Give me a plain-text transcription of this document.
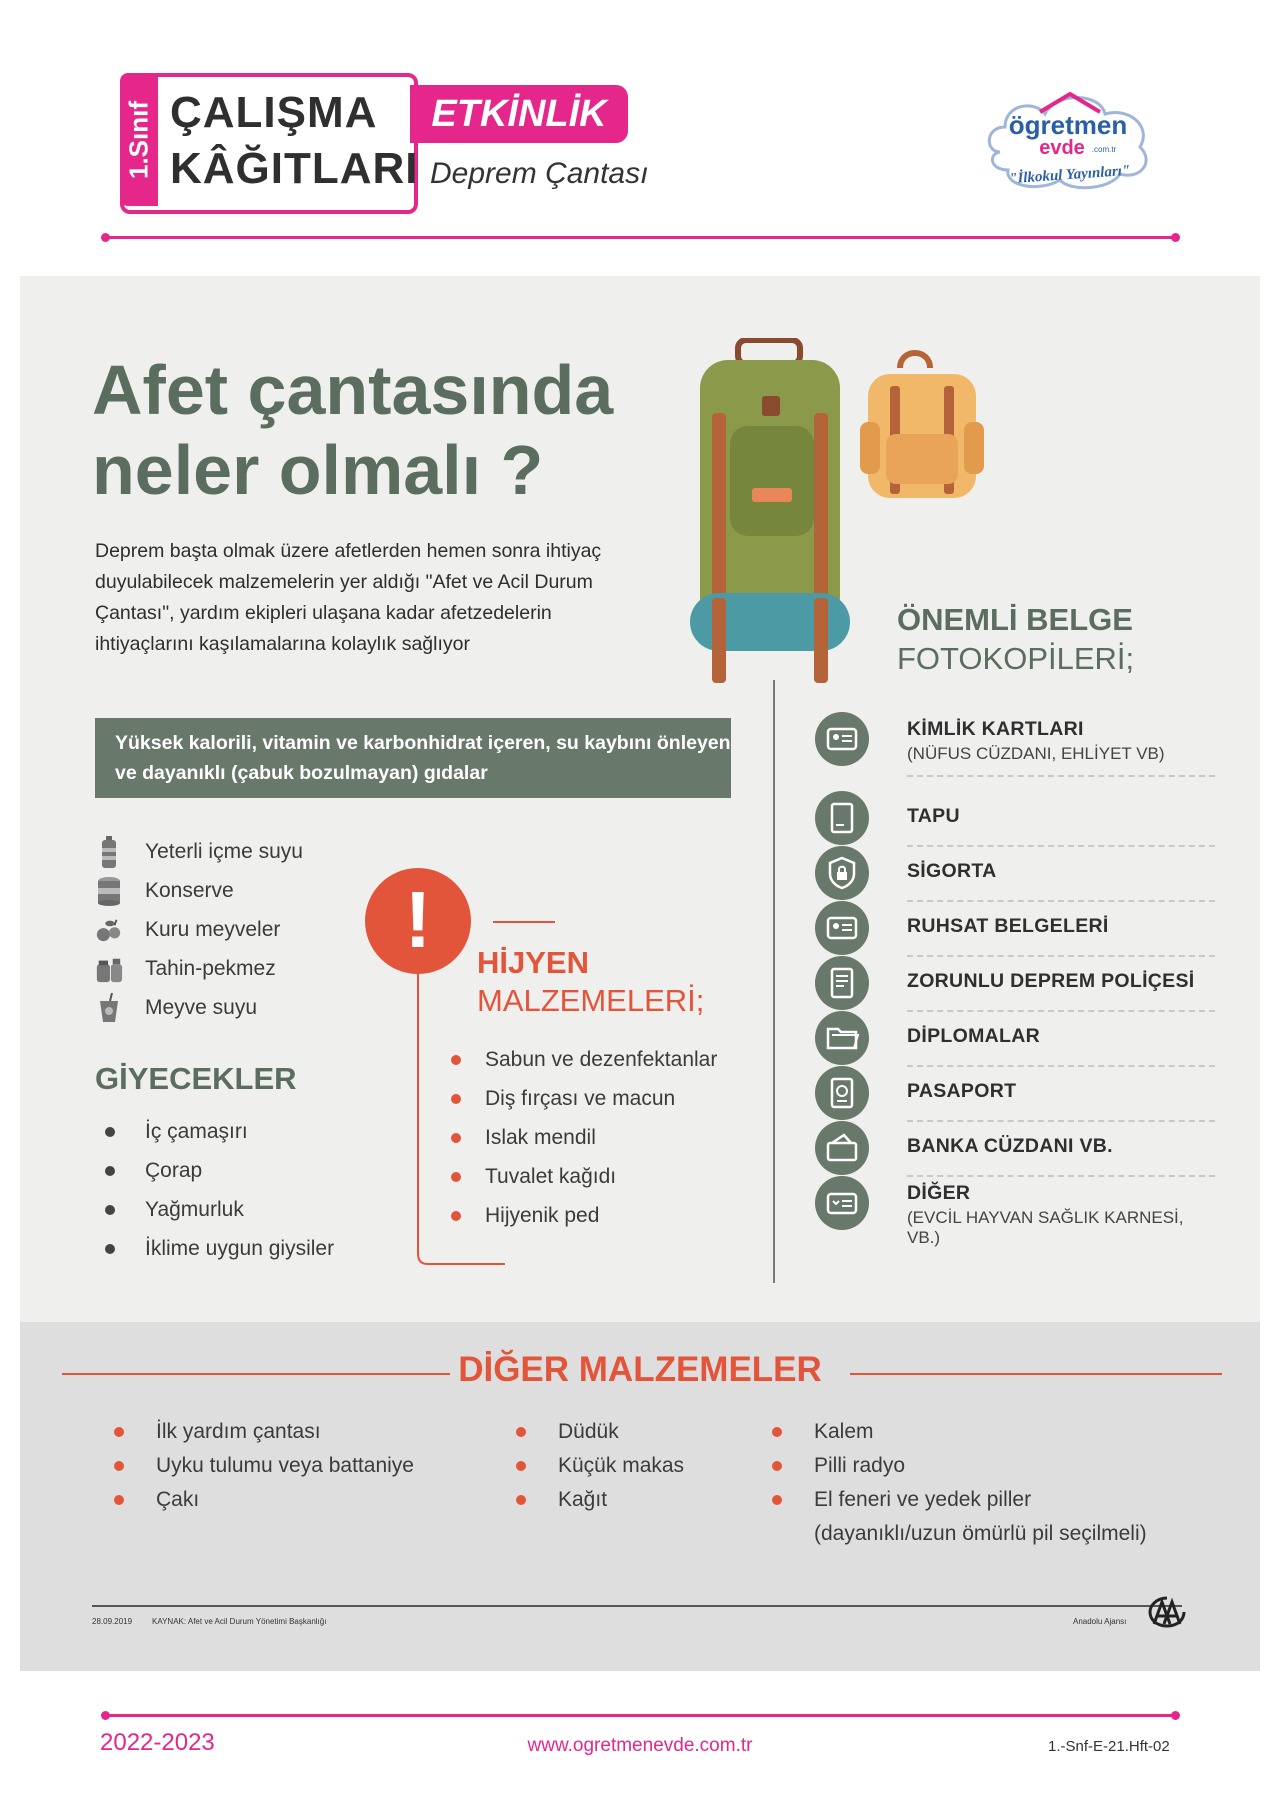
1.Sınıf ÇALIŞMA
KÂĞITLARI
ETKİNLİK
Deprem Çantası
ögretmen
evde .com.tr
"İlkokul Yayınları"
Afet çantasında
neler olmalı ?
Deprem başta olmak üzere afetlerden hemen sonra ihtiyaç duyulabilecek malzemelerin yer aldığı "Afet ve Acil Durum Çantası", yardım ekipleri ulaşana kadar afetzedelerin ihtiyaçlarını kaşılamalarına kolaylık sağlıyor
Yüksek kalorili, vitamin ve karbonhidrat içeren, su kaybını önleyen ve dayanıklı (çabuk bozulmayan) gıdalar
Yeterli içme suyu
Konserve
Kuru meyveler
Tahin-pekmez
Meyve suyu
GİYECEKLER
İç çamaşırı
Çorap
Yağmurluk
İklime uygun giysiler
!	HİJYEN
MALZEMELERİ;
Sabun ve dezenfektanlar
Diş fırçası ve macun
Islak mendil
Tuvalet kağıdı
Hijyenik ped
ÖNEMLİ BELGE
FOTOKOPİLERİ;
KİMLİK KARTLARI
(NÜFUS CÜZDANI, EHLİYET VB)
TAPU
SİGORTA
RUHSAT BELGELERİ
ZORUNLU DEPREM POLİÇESİ
DİPLOMALAR
PASAPORT
BANKA CÜZDANI VB.
DİĞER
(EVCİL HAYVAN SAĞLIK KARNESİ, VB.)
DİĞER MALZEMELER
İlk yardım çantası
Uyku tulumu veya battaniye
Çakı
Düdük
Küçük makas
Kağıt
Kalem
Pilli radyo
El feneri ve yedek piller
(dayanıklı/uzun ömürlü pil seçilmeli)
28.09.2019 KAYNAK: Afet ve Acil Durum Yönetimi Başkanlığı	Anadolu Ajansı
2022-2023	www.ogretmenevde.com.tr	1.-Snf-E-21.Hft-02
